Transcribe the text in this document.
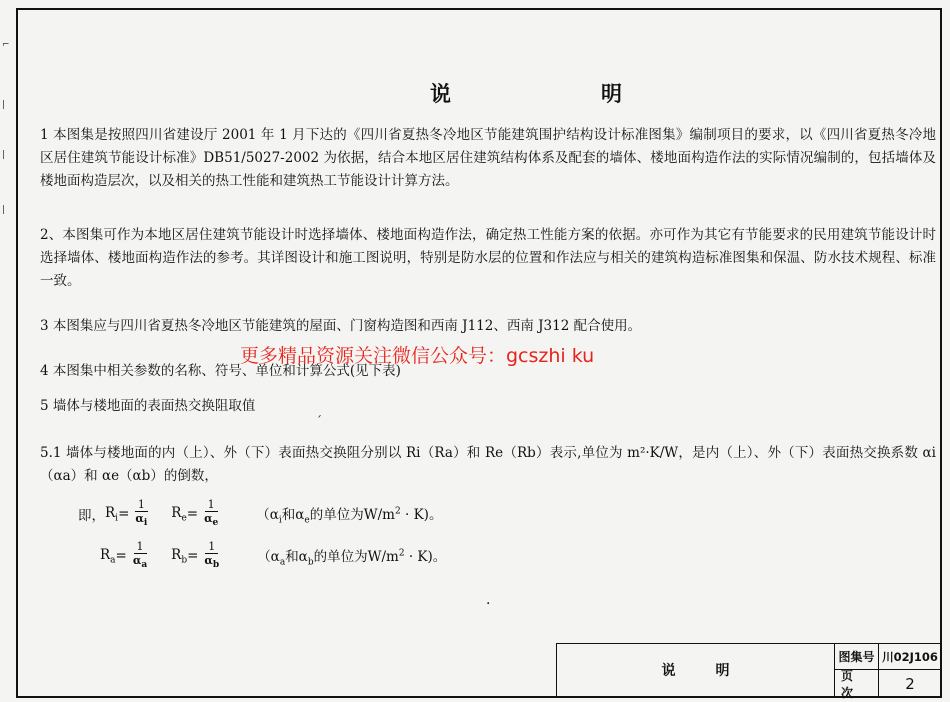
⌐
|
|
|
说　　明
1 本图集是按照四川省建设厅 2001 年 1 月下达的《四川省夏热冬冷地区节能建筑围护结构设计标准图集》编制项目的要求，以《四川省夏热冬冷地区居住建筑节能设计标准》DB51/5027-2002 为依据，结合本地区居住建筑结构体系及配套的墙体、楼地面构造作法的实际情况编制的，包括墙体及楼地面构造层次，以及相关的热工性能和建筑热工节能设计计算方法。
2、本图集可作为本地区居住建筑节能设计时选择墙体、楼地面构造作法，确定热工性能方案的依据。亦可作为其它有节能要求的民用建筑节能设计时选择墙体、楼地面构造作法的参考。其详图设计和施工图说明，特别是防水层的位置和作法应与相关的建筑构造标准图集和保温、防水技术规程、标准一致。
3 本图集应与四川省夏热冬冷地区节能建筑的屋面、门窗构造图和西南 J112、西南 J312 配合使用。
4 本图集中相关参数的名称、符号、单位和计算公式(见下表)
5 墙体与楼地面的表面热交换阻取值
ˊ
5.1 墙体与楼地面的内（上）、外（下）表面热交换阻分别以 Ri（Ra）和 Re（Rb）表示,单位为 m²·K/W，是内（上）、外（下）表面热交换系数 αi（αa）和 αe（αb）的倒数，
更多精品资源关注微信公众号：gcszhi ku
即， $R_i = \frac{1}{\alpha_i} R_e = \frac{1}{\alpha_e}$	（$\alpha_i$和$\alpha_e$的单位为$W/m^2 \cdot K$)。
$R_a = \frac{1}{\alpha_a} R_b = \frac{1}{\alpha_b}$	（$\alpha_a$和$\alpha_b$的单位为$W/m^2 \cdot K$)。
·
说明
图集号 川02J106
页次	2
